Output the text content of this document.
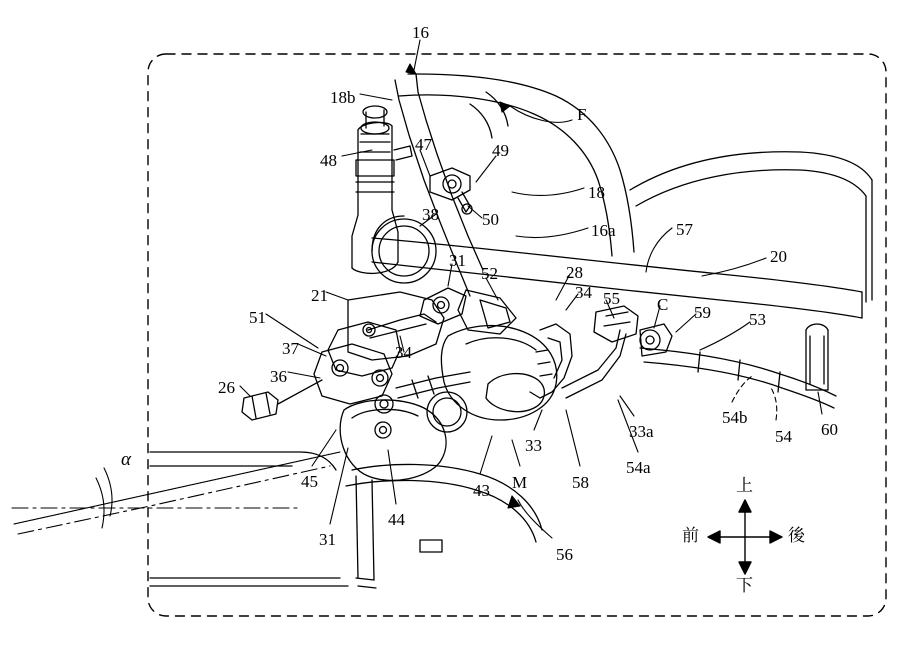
16
18b
F
48
47	49
18
50
16a	57
38
20
31
52	28
21	34 55 C 59 53
51
37	34
36
26
54b
54 60
33a
33
54a
45	43 M	58
44
31
56
α
上
下
前	後
